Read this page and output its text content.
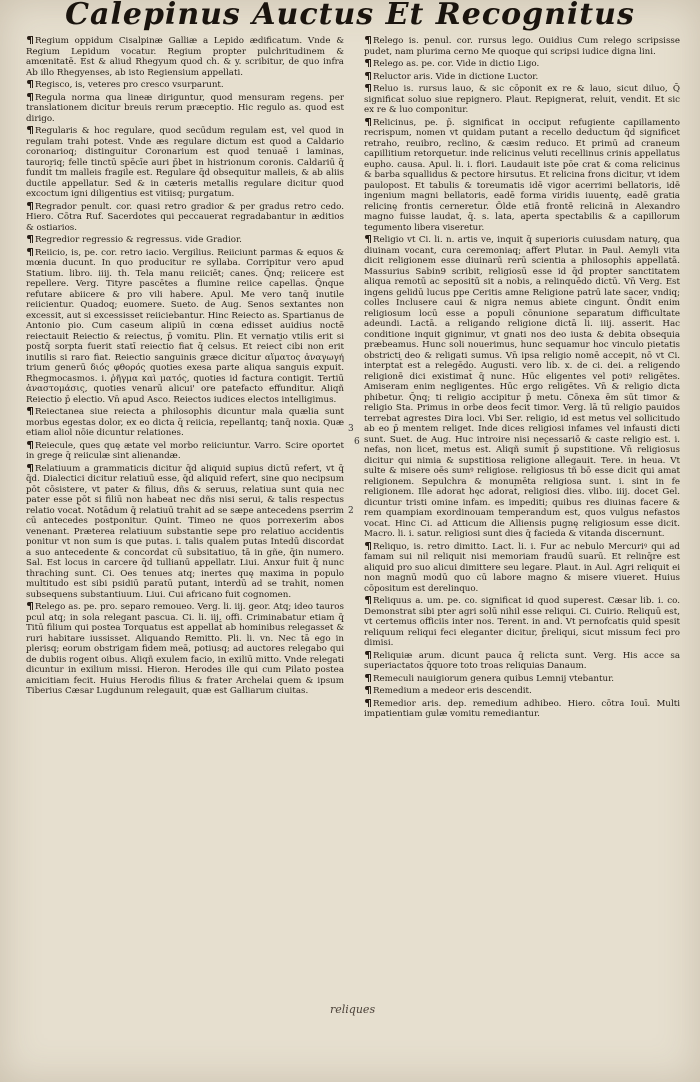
Calepinus Auctus Et Recognitus

Regium oppidum Cisalpinæ Galliæ a Lepido ædificatum. Vnde & Regium Lepidum vocatur. Regium propter pulchritudinem & amœnitatē. Est & aliud Rhegyum quod ch. & y. scribitur, de quo infra Ab illo Rhegyenses, ab isto Regiensium appellati.

Regisco, is, veteres pro cresco vsurparunt.

Regula norma qua lineæ diriguntur, quod mensuram regens. per translationem dicitur breuis rerum præceptio. Hic regulo as. quod est dirigo.

Regularis & hoc regulare, quod secūdum regulam est, vel quod in regulam trahi potest. Vnde æs regulare dictum est quod a Caldario coronarioq; distinguitur Coronarium est quod tenuaē i laminas, tauroriq; felle tinctū spēcīe auri p̄bet in histrionum coronis. Caldariū q̄ fundit̄ tm malleis fragile est. Regulare q̄d obsequitur malleis, & ab aliis ductile appellatur. Sed & in cæteris metallis regulare dicitur quod excoctum igni diligentius est vitiisq; purgatum.

Regrador penult. cor. quasi retro gradior & per gradus retro cedo. Hiero. Cōtra Ruf. Sacerdotes qui peccauerat regradabantur in æditios & ostiarios.

Regredior regressio & regressus. vide Gradior.

Reiicio, is, pe. cor. retro iacio. Vergilius. Reiiciunt parmas & equos & mœnia ducunt. In quo producitur re syllaba. Corripitur vero apud Statium. libro. iiij. th. Tela manu reiiciēt; canes. Q̄nq; reiicere est repellere. Verg. Tityre pascētes a flumine reiice capellas. Q̄nque refutare abiicere & pro vili habere. Apul. Me vero tanq̄ inutile reiicientur. Quadoq; euomere. Sueto. de Aug. Senos sextantes non excessit, aut si excessisset reiiciebantur. Hinc Reiecto as. Spartianus de Antonio pio. Cum caseum alipiū in cœna edisset auidius noctē reiectauit Reiectio & reiectus, p̄ vomitu. Plin. Et vernatio vtilis erit si postq̄ sorpta fuerit statī reiectio fiat q̄ celsus. Et reiect̄ cibi non erit inutilis si raro fiat. Reiectio sanguinis græce dicitur αἵματος ἀναγωγή trium generū διός φθορός quoties exesa parte aliqua sanguis expuit. Rhegmocasmos. i. ῥῆγμα καὶ ματός, quoties id factura contigit. Tertiū ἀναστομάσις, quoties venarū alicui' ore patefacto effunditur. Aliqñ Reiectio p̄ electio. Vn̄ apud Asco. Reiectos iudices electos intelligimus.

Reiectanea siue reiecta a philosophis dicuntur mala quælia sunt morbus egestas dolor, ex eo dicta q̄ reiicia, repellantq; tanq̄ noxia. Quæ etiam aliol nōie dicuntur relationes.

Reiecule, ques quę ætate vel morbo reiiciuntur. Varro. Scire oportet in grege q̄ reiiculæ sint alienandæ.

Relatiuum a grammaticis dicitur q̄d aliquid supius dictū refert, vt q̄ q̄d. Dialectici dicitur relatiuū esse, q̄d aliquid refert, sine quo necipsum pōt cōsistere, vt pater & filius, dñs & seruus, relatiua sunt quia nec pater esse pōt si filiū non habeat nec dñs nisi serui, & talis respectus relatio vocat̄. Notādum q̄ relatiuū trahit ad se sæpe antecedens pserrim cū antecedes postponitur. Quint. Timeo ne quos porrexerim abos venenant. Præterea relatiuum substantie sepe pro relatiuo accidentis ponitur vt non sum is que putas. i. talis qualem putas Intedū discordat a suo antecedente & concordat cū subsitatiuo, tā in gñe, q̄in numero. Sal. Est locus in carcere q̄d tullianū appellatr. Liui. Anxur fuit q̄ nunc thraching sunt. Ci. Oes tenues atq; inertes quę maxima in populo multitudo est sibi psidiū paratū putant, interdū ad se trahit, nomen subsequens substantiuum. Liui. Cui africano fuit cognomen.

Relego as. pe. pro. separo remoueo. Verg. li. iij. geor. Atq; ideo tauros pcul atq; in sola relegant pascua. Ci. li. iij. offi. Criminabatur etiam q̄ Titū filium qui postea Torquatus est appellat̄ ab hominibus relegasset & ruri habitare iussisset. Aliquando Remitto. Pli. li. vn. Nec tā ego in plerisq; eorum obstrigam fidem meā, potiusq; ad auctores relegabo qui de dubiis rogent oibus. Aliqñ exulem facio, in exiliū mitto. Vnde relegati dicuntur in exilium missi. Hieron. Herodes ille qui cum Pilato postea amicitiam fecit. Huius Herodis filius & frater Archelai quem & ipsum Tiberius Cæsar Lugdunum relegauit, quæ est Galliarum ciuitas.

3
6
2

Relego is. penul. cor. rursus lego. Ouidius Cum relego scripsisse pudet, nam plurima cerno Me quoque qui scripsi iudice digna lini.

Relego as. pe. cor. Vide in dictio Ligo.

Reluctor aris. Vide in dictione Luctor.

Reluo is. rursus lauo, & sic cōponit ex re & lauo, sicut diluo, Q̄ significat soluo siue repignero. Plaut. Repignerat, reluit, vendit. Et sic ex re & luo componitur.

Relicinus, pe. p̄. significat in occiput refugiente capillamento recrispum, nomen vt quidam putant a recello deductum q̄d significet retraho, reuibro, reclino, & cæsim reduco. Et primū ad craneum capillitium retorquetur. inde relicinus veluti recellinus crinis appellatus eupho. causa. Apul. li. i. flori. Laudauit iste pōe crat & coma relicinus & barba squallidus & pectore hirsutus. Et relicina frons dicitur, vt idem paulopost. Et tabulis & toreumatis idē vigor acerrimi bellatoris, idē ingenium magni bellatoris, eadē forma viridis iuuentę, eadē gratia relicinę frontis cerneretur. Ōlde etiā frontē relicinā in Alexandro magno fuisse laudat, q̄. s. lata, aperta spectabilis & a capillorum tegumento libera viseretur.

Religio vt Ci. li. n. artis ve, inquit q̄ superioris cuiusdam naturę, qua diuinam vocant, cura ceremoniaq; affert Plutar. in Paul. Aemyli vita dicit religionem esse diuinarū rerū scientia a philosophis appellatā. Massurius Sabin9 scribit, religiosū esse id q̄d propter sanctitatem aliqua remotū ac sepositū sit a nobis, a relinquēdo dictū. Vn̄ Verg. Est ingens gelidū lucus ppe Ceritis amne Religione patrū late sacer, vndiq; colles Inclusere caui & nigra nemus abiete cingunt. Ōndit enim religiosum locū esse a populi cōnunione separatum difficultate adeundi. Lactā. a religando religione dictā li. iiij. asserit. Hac conditione inquit gignimur, vt gnati nos deo iusta & debita obsequia præbeamus. Hunc soli nouerimus, hunc sequamur hoc vinculo pietatis obstricti deo & religati sumus. Vn̄ ipsa religio nomē accepit, nō vt Ci. interptat̄ est a relegēdo. Augusti. vero lib. x. de ci. dei. a religendo religionē dici existimat̄ q̄ nunc. Hūc eligentes vel potiꝰ religētes. Amiseram enim negligentes. Hūc ergo religētes. Vn̄ & religio dicta phibetur. Q̄nq; ti religio accipitur p̄ metu. Cōnexa ēm sūt timor & religio Sta. Primus in orbe deos fecit timor. Verg. lā tū religio pauidos terrebat agrestes Dira loci. Vbi Ser. religio, id est metus vel sollicitudo ab eo p̄ mentem religet. Inde dices religiosi infames vel infausti dicti sunt. Suet. de Aug. Huc introire nisi necessariō & caste religio est. i. nefas, non licet, metus est. Aliqñ sumit̄ p̄ supstitione. Vn̄ religiosus dicitur qui nimia & supstitiosa religione allegauit. Tere. in heua. Vt sulte & misere oēs sumꝰ religiose. religiosus tñ bō esse dicit qui amat religionem. Sepulchra & monumēta religiosa sunt. i. sint in fe religionem. Ille adorat hęc adorat̄, religiosi dies. vlibo. iiij. docet Gel. dicuntur tristi omine infam. es impediti; quibus res diuinas facere & rem quampiam exordinouam temperandum est, quos vulgus nefastos vocat. Hinc Ci. ad Atticum die Alliensis pugnę religiosum esse dicit. Macro. li. i. satur. religiosi sunt dies q̄ facieda & vitanda discernunt.

Reliquo, is. retro dimitto. Lact. li. i. Fur ac nebulo Mercuriꝰ qui ad famam sui nil reliquit nisi memoriam fraudū suarū. Et relinq̄re est aliquid pro suo alicui dimittere seu legare. Plaut. in Aul. Agri reliquit ei non magnū modū quo cū labore magno & misere viueret. Huius cōpositum est derelinquo.

Reliquus a. um. pe. co. significat id quod superest. Cæsar lib. i. co. Demonstrat sibi pter agri solū nihil esse reliqui. Ci. Cuirio. Reliquū est, vt certemus officiis inter nos. Terent. in and. Vt pernofcatis quid spesit reliquum reliqui feci eleganter dicitur, p̄reliqui, sicut missum feci pro dimisi.

Reliquiæ arum. dicunt pauca q̄ relicta sunt. Verg. His acce sa superiactatos q̄quore toto troas reliquias Danaum.

Remeculi nauigiorum genera quibus Lemnij vtebantur.

Remedium a medeor eris descendit.

Remedior aris. dep. remedium adhibeo. Hiero. cōtra Iouī. Multi impatientiam gulæ vomitu remediantur.

reliques
